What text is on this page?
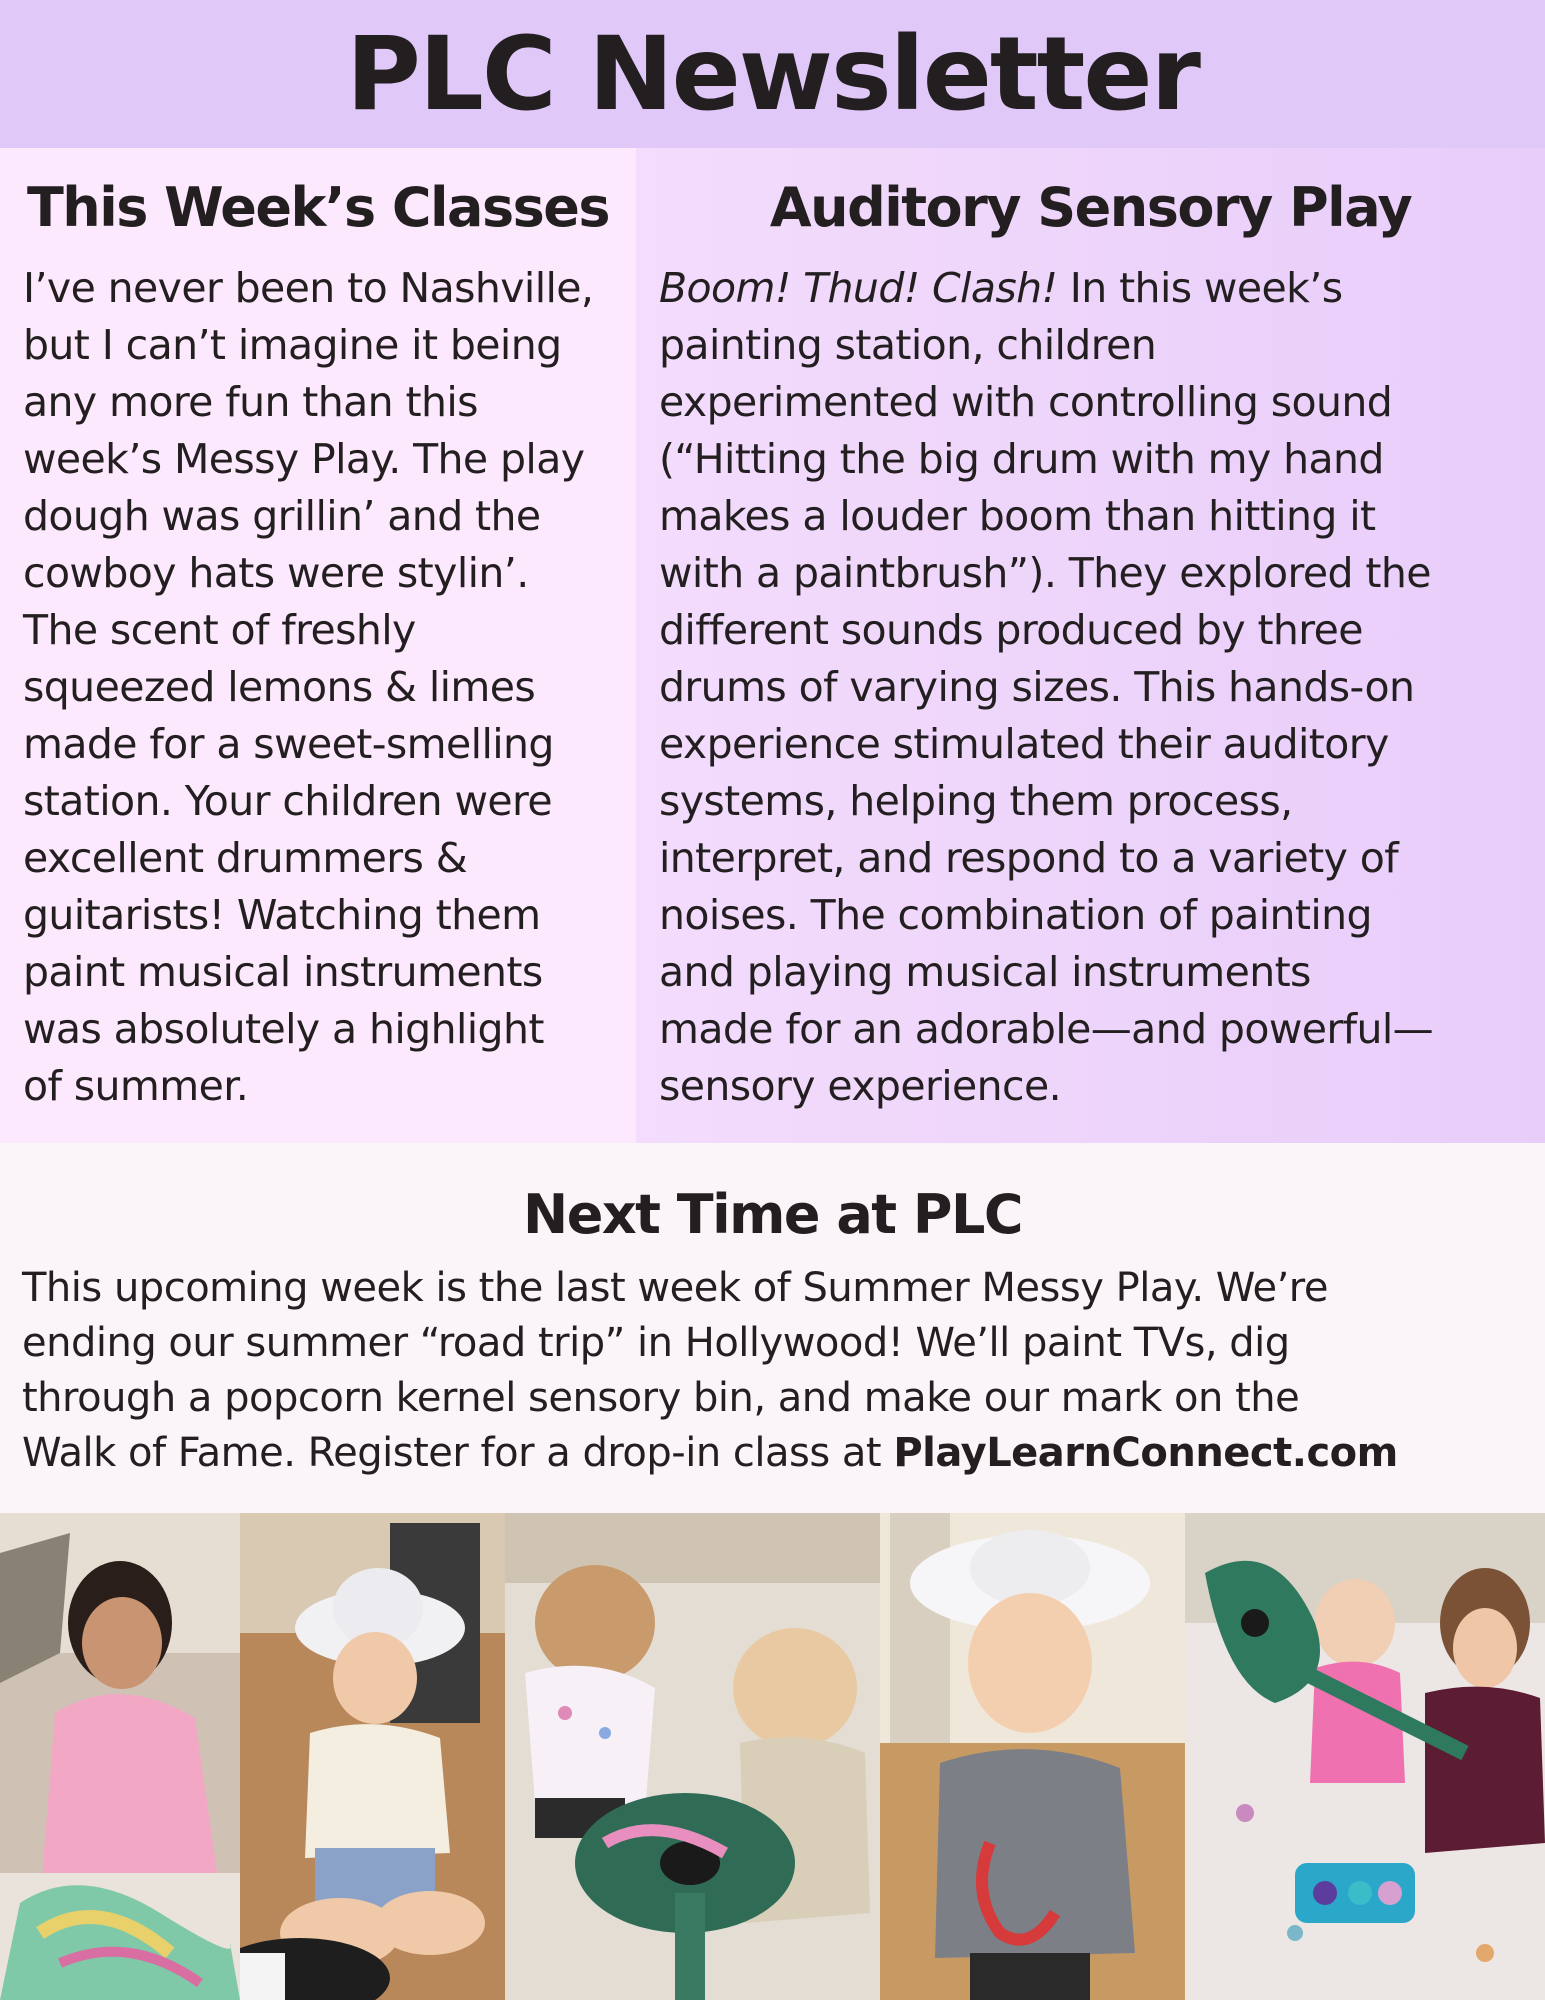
PLC Newsletter
This Week’s Classes
I’ve never been to Nashville,
but I can’t imagine it being
any more fun than this
week’s Messy Play. The play
dough was grillin’ and the
cowboy hats were stylin’.
The scent of freshly
squeezed lemons & limes
made for a sweet-smelling
station. Your children were
excellent drummers &
guitarists! Watching them
paint musical instruments
was absolutely a highlight
of summer.
Auditory Sensory Play
Boom! Thud! Clash! In this week’s
painting station, children
experimented with controlling sound
(“Hitting the big drum with my hand
makes a louder boom than hitting it
with a paintbrush”). They explored the
different sounds produced by three
drums of varying sizes. This hands-on
experience stimulated their auditory
systems, helping them process,
interpret, and respond to a variety of
noises. The combination of painting
and playing musical instruments
made for an adorable—and powerful—
sensory experience.
Next Time at PLC
This upcoming week is the last week of Summer Messy Play. We’re
ending our summer “road trip” in Hollywood! We’ll paint TVs, dig
through a popcorn kernel sensory bin, and make our mark on the
Walk of Fame. Register for a drop-in class at PlayLearnConnect.com
